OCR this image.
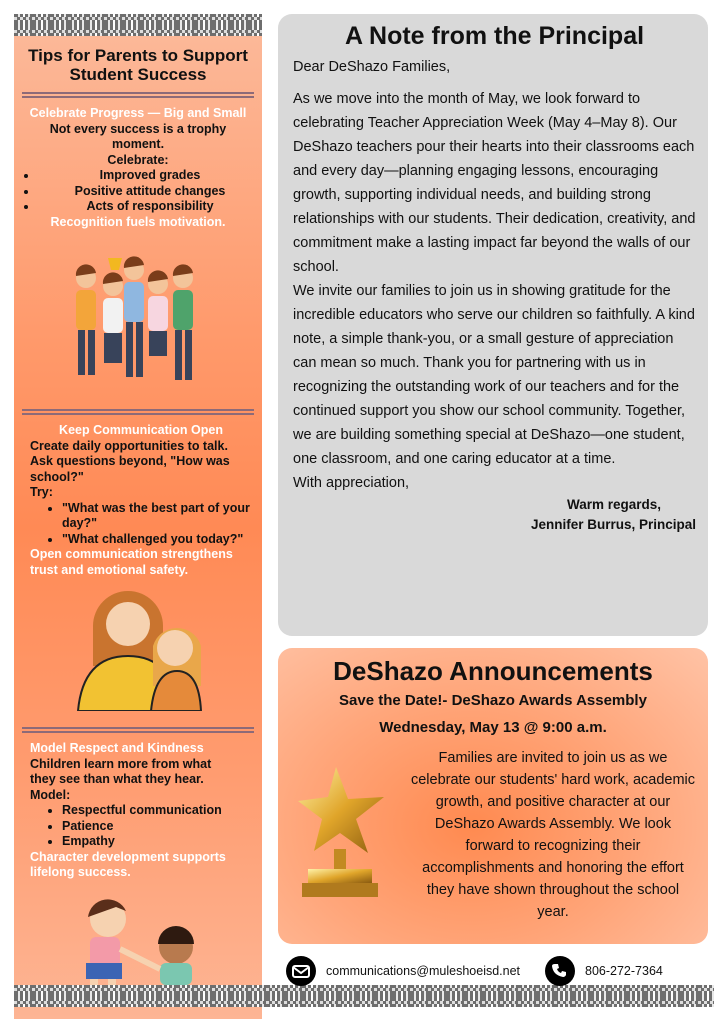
Tips for Parents to Support Student Success
Celebrate Progress — Big and Small
Not every success is a trophy moment.
Celebrate:
• Improved grades
• Positive attitude changes
• Acts of responsibility
Recognition fuels motivation.
Keep Communication Open
Create daily opportunities to talk.
Ask questions beyond, "How was school?"
Try:
• "What was the best part of your day?"
• "What challenged you today?"
Open communication strengthens trust and emotional safety.
Model Respect and Kindness
Children learn more from what they see than what they hear.
Model:
• Respectful communication
• Patience
• Empathy
Character development supports lifelong success.
A Note from the Principal
Dear DeShazo Families,
As we move into the month of May, we look forward to celebrating Teacher Appreciation Week (May 4–May 8). Our DeShazo teachers pour their hearts into their classrooms each and every day—planning engaging lessons, encouraging growth, supporting individual needs, and building strong relationships with our students. Their dedication, creativity, and commitment make a lasting impact far beyond the walls of our school.
We invite our families to join us in showing gratitude for the incredible educators who serve our children so faithfully. A kind note, a simple thank-you, or a small gesture of appreciation can mean so much. Thank you for partnering with us in recognizing the outstanding work of our teachers and for the continued support you show our school community. Together, we are building something special at DeShazo—one student, one classroom, and one caring educator at a time.
With appreciation,
Warm regards,
Jennifer Burrus, Principal
DeShazo Announcements
Save the Date!- DeShazo Awards Assembly
Wednesday, May 13 @ 9:00 a.m.
Families are invited to join us as we celebrate our students' hard work, academic growth, and positive character at our DeShazo Awards Assembly. We look forward to recognizing their accomplishments and honoring the effort they have shown throughout the school year.
communications@muleshoeisd.net	806-272-7364
